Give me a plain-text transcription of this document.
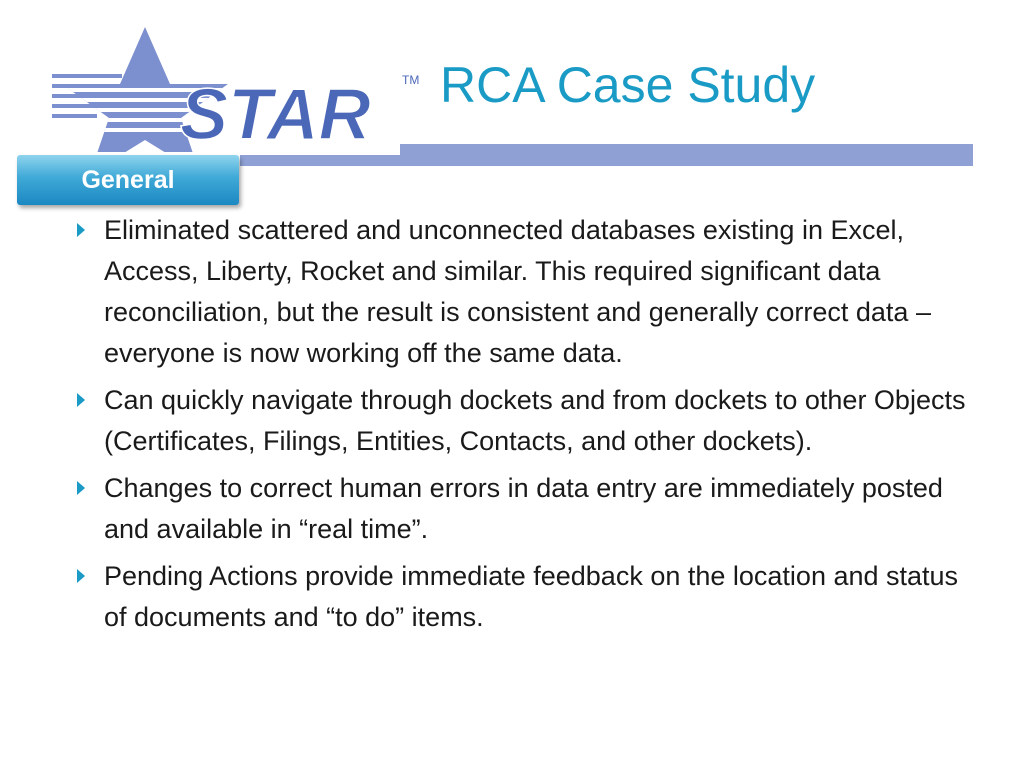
STAR	TM RCA Case Study
General
Eliminated scattered and unconnected databases existing in Excel, Access, Liberty, Rocket and similar. This required significant data reconciliation, but the result is consistent and generally correct data – everyone is now working off the same data.
Can quickly navigate through dockets and from dockets to other Objects (Certificates, Filings, Entities, Contacts, and other dockets).
Changes to correct human errors in data entry are immediately posted and available in “real time”.
Pending Actions provide immediate feedback on the location and status of documents and “to do” items.
